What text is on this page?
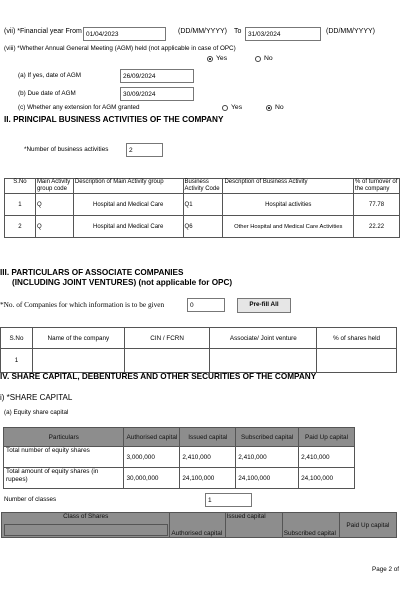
(vii) *Financial year From 01/04/2023	(DD/MM/YYYY) To	31/03/2024	(DD/MM/YYYY)
(viii) *Whether Annual General Meeting (AGM) held (not applicable in case of OPC)
Yes	No
(a) If yes, date of AGM	26/09/2024
(b) Due date of AGM	30/09/2024
(c) Whether any extension for AGM granted	Yes	No
II. PRINCIPAL BUSINESS ACTIVITIES OF THE COMPANY
*Number of business activities	2
S.No	Main Activity group code	Description of Main Activity group	Business Activity Code	Description of Business Activity	% of turnover of the company
1	Q	Hospital and Medical Care	Q1	Hospital activities	77.78
2	Q	Hospital and Medical Care	Q6	Other Hospital and Medical Care Activities	22.22
III. PARTICULARS OF ASSOCIATE COMPANIES
(INCLUDING JOINT VENTURES) (not applicable for OPC)
*No. of Companies for which information is to be given	0	Pre-fill All
S.No	Name of the company	CIN / FCRN	Associate/ Joint venture	% of shares held
1				
IV. SHARE CAPITAL, DEBENTURES AND OTHER SECURITIES OF THE COMPANY
i) *SHARE CAPITAL
(a) Equity share capital
Particulars	Authorised capital	Issued capital	Subscribed capital	Paid Up capital
Total number of equity shares	3,000,000	2,410,000	2,410,000	2,410,000
Total amount of equity shares (in rupees)	30,000,000	24,100,000	24,100,000	24,100,000
Number of classes	1
Class of Shares	Authorised capital	Issued capital	Subscribed capital	Paid Up capital
Page 2 of
